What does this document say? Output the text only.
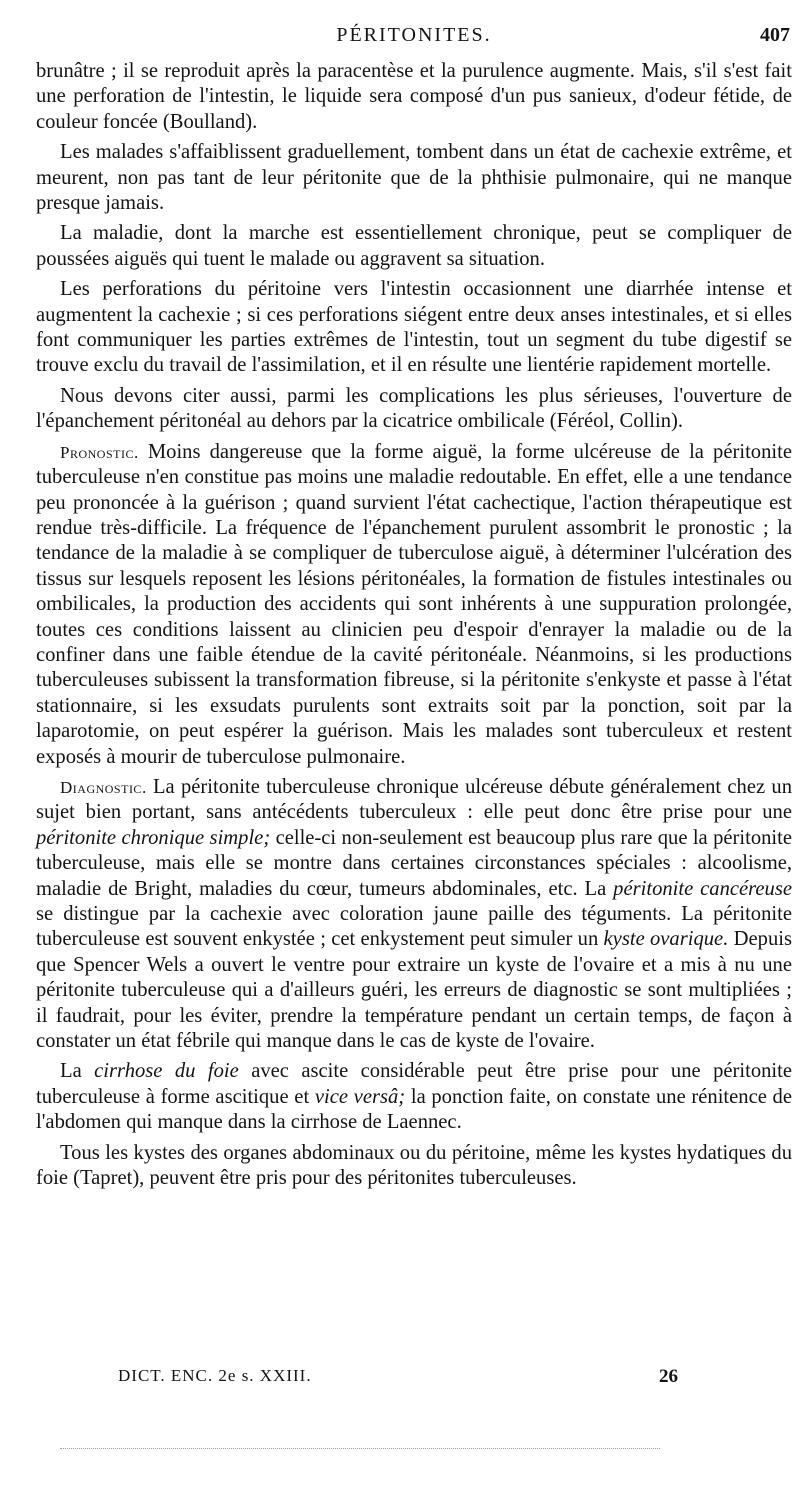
PÉRITONITES.	407

brunâtre ; il se reproduit après la paracentèse et la purulence augmente. Mais, s'il s'est fait une perforation de l'intestin, le liquide sera composé d'un pus sanieux, d'odeur fétide, de couleur foncée (Boulland).

Les malades s'affaiblissent graduellement, tombent dans un état de cachexie extrême, et meurent, non pas tant de leur péritonite que de la phthisie pulmonaire, qui ne manque presque jamais.

La maladie, dont la marche est essentiellement chronique, peut se compliquer de poussées aiguës qui tuent le malade ou aggravent sa situation.

Les perforations du péritoine vers l'intestin occasionnent une diarrhée intense et augmentent la cachexie ; si ces perforations siégent entre deux anses intestinales, et si elles font communiquer les parties extrêmes de l'intestin, tout un segment du tube digestif se trouve exclu du travail de l'assimilation, et il en résulte une lientérie rapidement mortelle.

Nous devons citer aussi, parmi les complications les plus sérieuses, l'ouverture de l'épanchement péritonéal au dehors par la cicatrice ombilicale (Féréol, Collin).

Pronostic. Moins dangereuse que la forme aiguë, la forme ulcéreuse de la péritonite tuberculeuse n'en constitue pas moins une maladie redoutable. En effet, elle a une tendance peu prononcée à la guérison ; quand survient l'état cachectique, l'action thérapeutique est rendue très-difficile. La fréquence de l'épanchement purulent assombrit le pronostic ; la tendance de la maladie à se compliquer de tuberculose aiguë, à déterminer l'ulcération des tissus sur lesquels reposent les lésions péritonéales, la formation de fistules intestinales ou ombilicales, la production des accidents qui sont inhérents à une suppuration prolongée, toutes ces conditions laissent au clinicien peu d'espoir d'enrayer la maladie ou de la confiner dans une faible étendue de la cavité péritonéale. Néanmoins, si les productions tuberculeuses subissent la transformation fibreuse, si la péritonite s'enkyste et passe à l'état stationnaire, si les exsudats purulents sont extraits soit par la ponction, soit par la laparotomie, on peut espérer la guérison. Mais les malades sont tuberculeux et restent exposés à mourir de tuberculose pulmonaire.

Diagnostic. La péritonite tuberculeuse chronique ulcéreuse débute généralement chez un sujet bien portant, sans antécédents tuberculeux : elle peut donc être prise pour une péritonite chronique simple; celle-ci non-seulement est beaucoup plus rare que la péritonite tuberculeuse, mais elle se montre dans certaines circonstances spéciales : alcoolisme, maladie de Bright, maladies du cœur, tumeurs abdominales, etc. La péritonite cancéreuse se distingue par la cachexie avec coloration jaune paille des téguments. La péritonite tuberculeuse est souvent enkystée ; cet enkystement peut simuler un kyste ovarique. Depuis que Spencer Wels a ouvert le ventre pour extraire un kyste de l'ovaire et a mis à nu une péritonite tuberculeuse qui a d'ailleurs guéri, les erreurs de diagnostic se sont multipliées ; il faudrait, pour les éviter, prendre la température pendant un certain temps, de façon à constater un état fébrile qui manque dans le cas de kyste de l'ovaire.

La cirrhose du foie avec ascite considérable peut être prise pour une péritonite tuberculeuse à forme ascitique et vice versâ; la ponction faite, on constate une rénitence de l'abdomen qui manque dans la cirrhose de Laennec.

Tous les kystes des organes abdominaux ou du péritoine, même les kystes hydatiques du foie (Tapret), peuvent être pris pour des péritonites tuberculeuses.

DICT. ENC. 2e s. XXIII.	26
